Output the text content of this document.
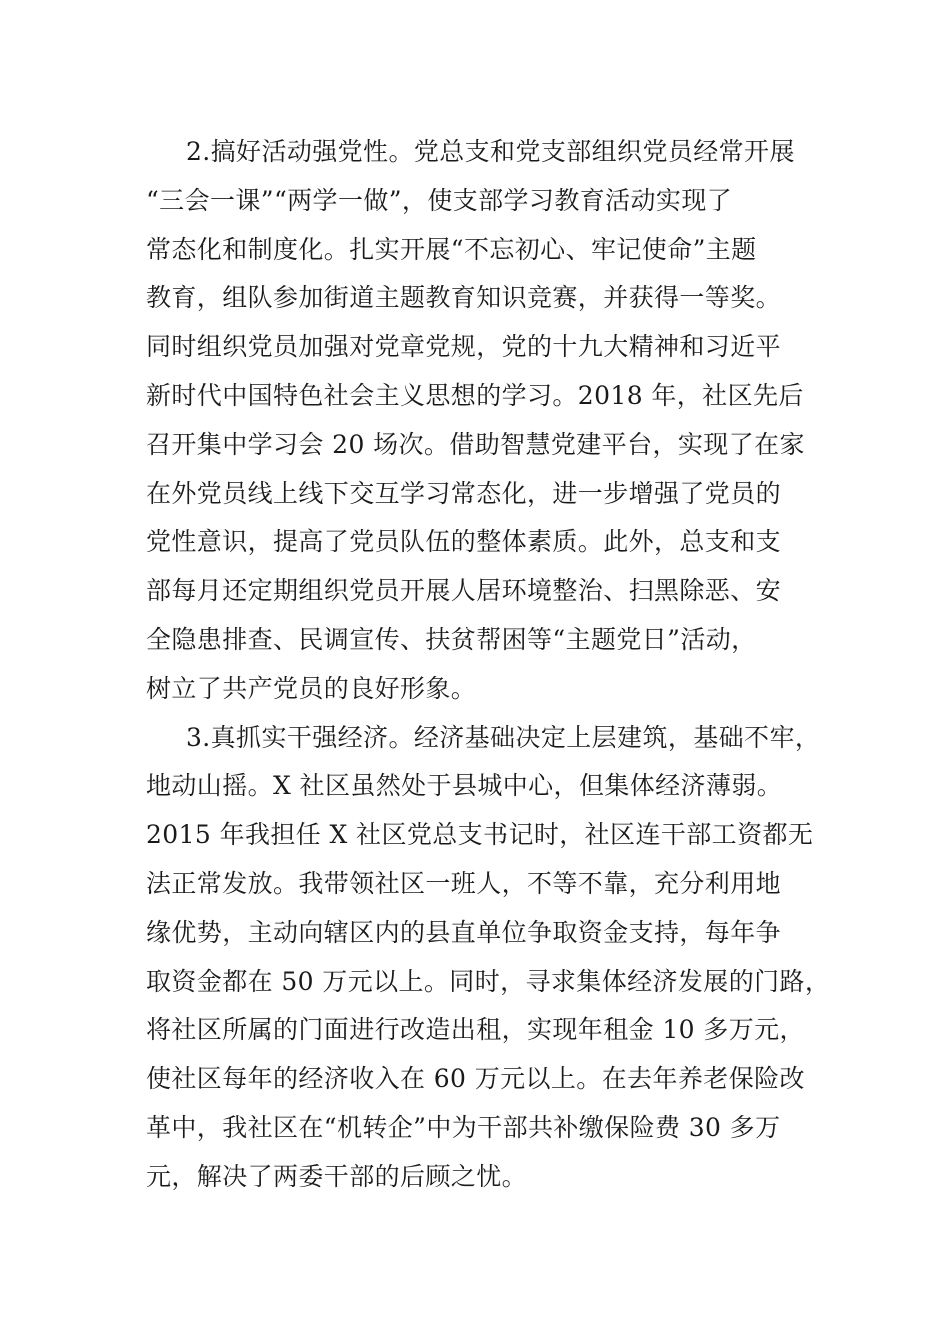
2.搞好活动强党性。党总支和党支部组织党员经常开展
“三会一课”“两学一做”，使支部学习教育活动实现了
常态化和制度化。扎实开展“不忘初心、牢记使命”主题
教育，组队参加街道主题教育知识竞赛，并获得一等奖。
同时组织党员加强对党章党规，党的十九大精神和习近平
新时代中国特色社会主义思想的学习。2018 年，社区先后
召开集中学习会 20 场次。借助智慧党建平台，实现了在家
在外党员线上线下交互学习常态化，进一步增强了党员的
党性意识，提高了党员队伍的整体素质。此外，总支和支
部每月还定期组织党员开展人居环境整治、扫黑除恶、安
全隐患排查、民调宣传、扶贫帮困等“主题党日”活动，
树立了共产党员的良好形象。
3.真抓实干强经济。经济基础决定上层建筑，基础不牢，
地动山摇。X 社区虽然处于县城中心，但集体经济薄弱。
2015 年我担任 X 社区党总支书记时，社区连干部工资都无
法正常发放。我带领社区一班人，不等不靠，充分利用地
缘优势，主动向辖区内的县直单位争取资金支持，每年争
取资金都在 50 万元以上。同时，寻求集体经济发展的门路，
将社区所属的门面进行改造出租，实现年租金 10 多万元，
使社区每年的经济收入在 60 万元以上。在去年养老保险改
革中，我社区在“机转企”中为干部共补缴保险费 30 多万
元，解决了两委干部的后顾之忧。
